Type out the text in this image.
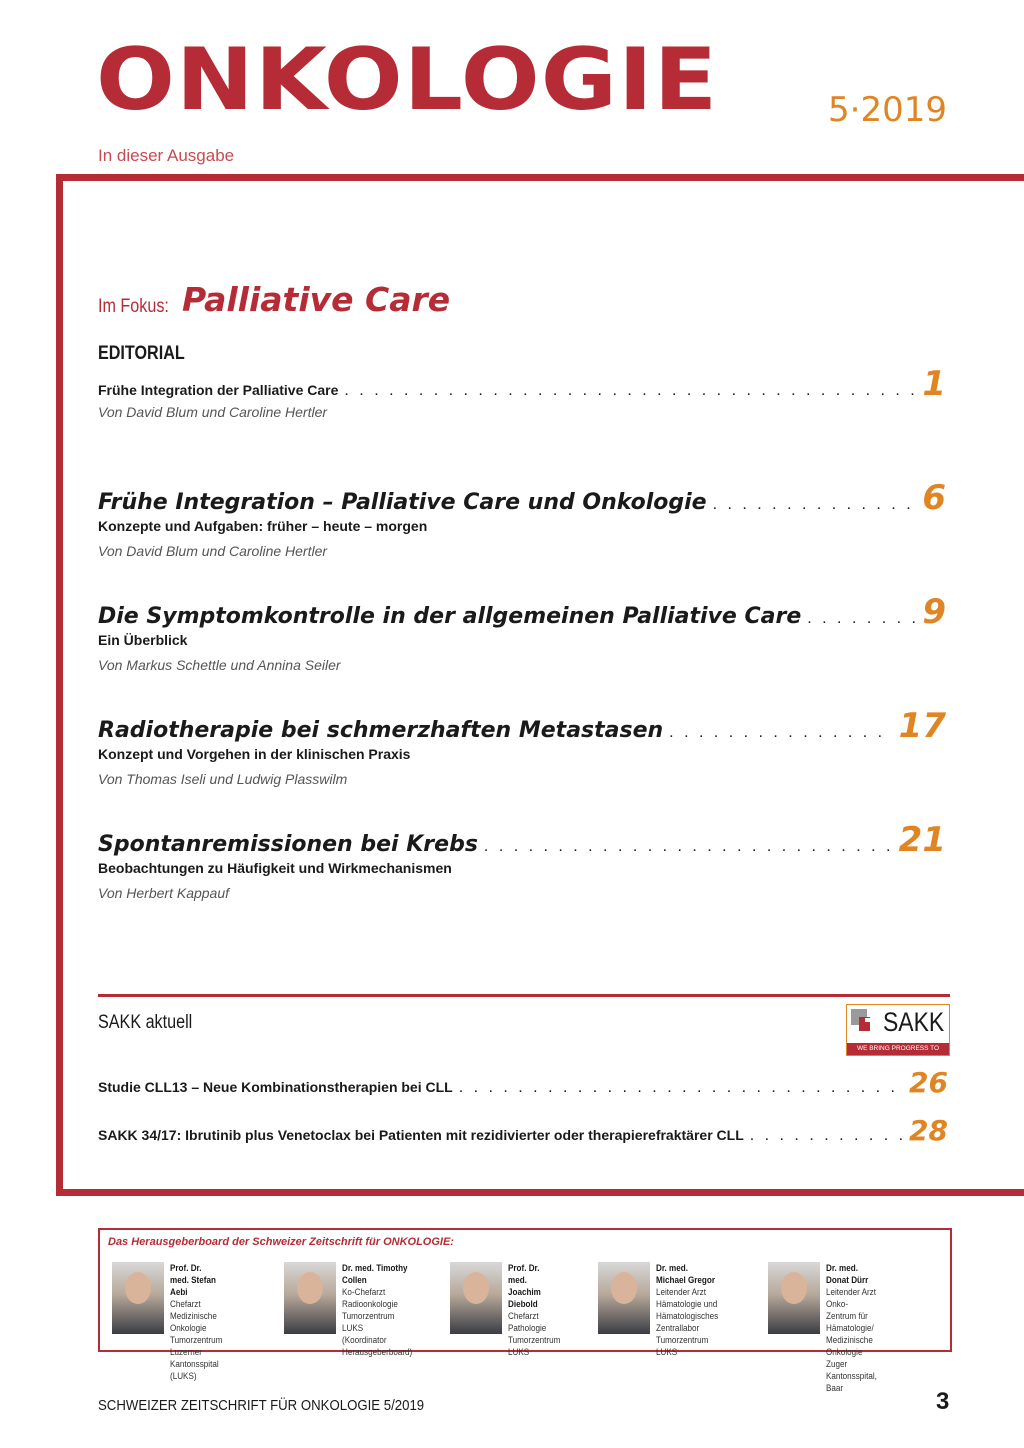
ONKOLOGIE	5·2019
In dieser Ausgabe
Im Fokus: Palliative Care
EDITORIAL
Frühe Integration der Palliative Care . . .	1
Von David Blum und Caroline Hertler
Frühe Integration – Palliative Care und Onkologie . . .	6
Konzepte und Aufgaben: früher – heute – morgen
Von David Blum und Caroline Hertler
Die Symptomkontrolle in der allgemeinen Palliative Care . . .	9
Ein Überblick
Von Markus Schettle und Annina Seiler
Radiotherapie bei schmerzhaften Metastasen . . .	17
Konzept und Vorgehen in der klinischen Praxis
Von Thomas Iseli und Ludwig Plasswilm
Spontanremissionen bei Krebs . . .	21
Beobachtungen zu Häufigkeit und Wirkmechanismen
Von Herbert Kappauf
SAKK aktuell	SAKK
WE BRING PROGRESS TO CANCER CARE
Studie CLL13 – Neue Kombinationstherapien bei CLL . . .	26
SAKK 34/17: Ibrutinib plus Venetoclax bei Patienten mit rezidivierter oder therapierefraktärer CLL . . .	28
Das Herausgeberboard der Schweizer Zeitschrift für ONKOLOGIE:
Prof. Dr. med. Stefan Aebi
Chefarzt
Medizinische Onkologie
Tumorzentrum
Luzerner Kantonsspital
(LUKS)
Dr. med. Timothy Collen
Ko-Chefarzt
Radioonkologie
Tumorzentrum LUKS
(Koordinator
Herausgeberboard)
Prof. Dr. med.
Joachim Diebold
Chefarzt Pathologie
Tumorzentrum LUKS
Dr. med. Michael Gregor
Leitender Arzt
Hämatologie und
Hämatologisches
Zentrallabor
Tumorzentrum LUKS
Dr. med. Donat Dürr
Leitender Arzt
Onko-Zentrum für Hämatologie/
Medizinische Onkologie
Zuger Kantonsspital, Baar
SCHWEIZER ZEITSCHRIFT FÜR ONKOLOGIE 5/2019	3
